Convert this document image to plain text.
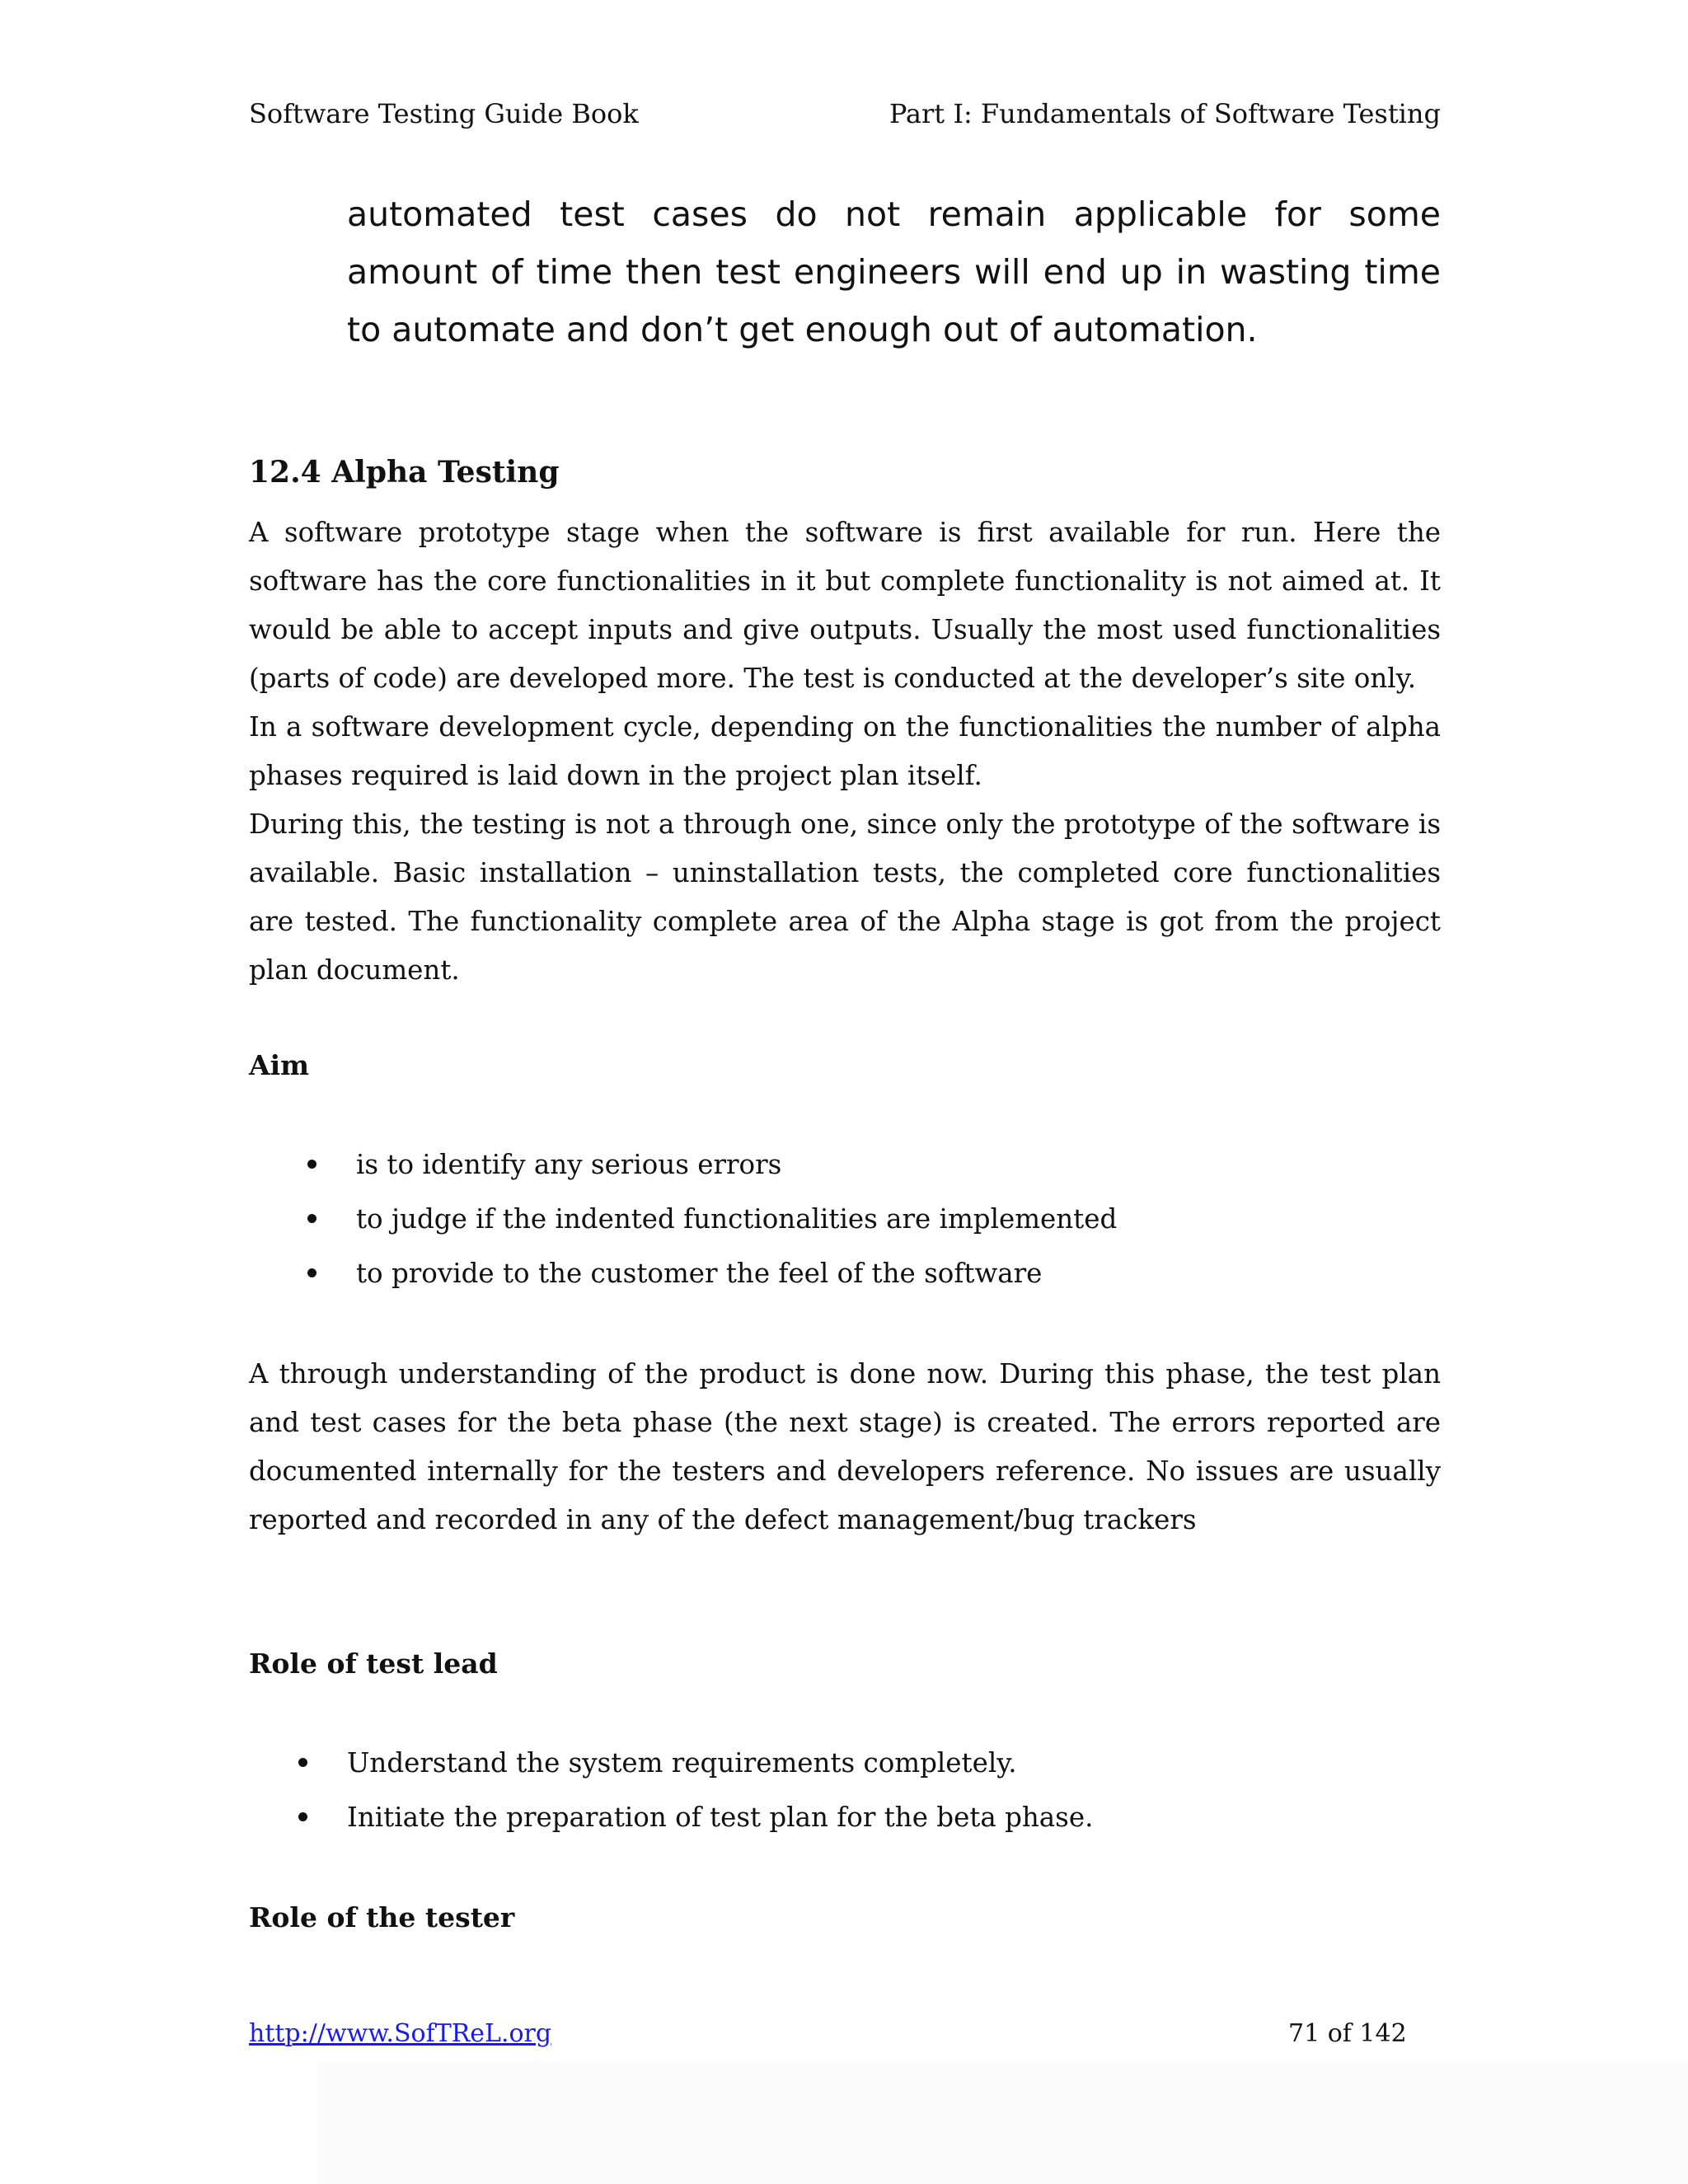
Software Testing Guide Book	Part I: Fundamentals of Software Testing

automated test cases do not remain applicable for some amount of time then test engineers will end up in wasting time to automate and don’t get enough out of automation.

12.4 Alpha Testing

A software prototype stage when the software is first available for run. Here the software has the core functionalities in it but complete functionality is not aimed at. It would be able to accept inputs and give outputs. Usually the most used functionalities (parts of code) are developed more. The test is conducted at the developer’s site only.

In a software development cycle, depending on the functionalities the number of alpha phases required is laid down in the project plan itself.

During this, the testing is not a through one, since only the prototype of the software is available. Basic installation – uninstallation tests, the completed core functionalities are tested. The functionality complete area of the Alpha stage is got from the project plan document.

Aim
is to identify any serious errors
to judge if the indented functionalities are implemented
to provide to the customer the feel of the software

A through understanding of the product is done now. During this phase, the test plan and test cases for the beta phase (the next stage) is created. The errors reported are documented internally for the testers and developers reference. No issues are usually reported and recorded in any of the defect management/bug trackers

Role of test lead
Understand the system requirements completely.
Initiate the preparation of test plan for the beta phase.
Role of the tester
http://www.SofTReL.org	71 of 142
